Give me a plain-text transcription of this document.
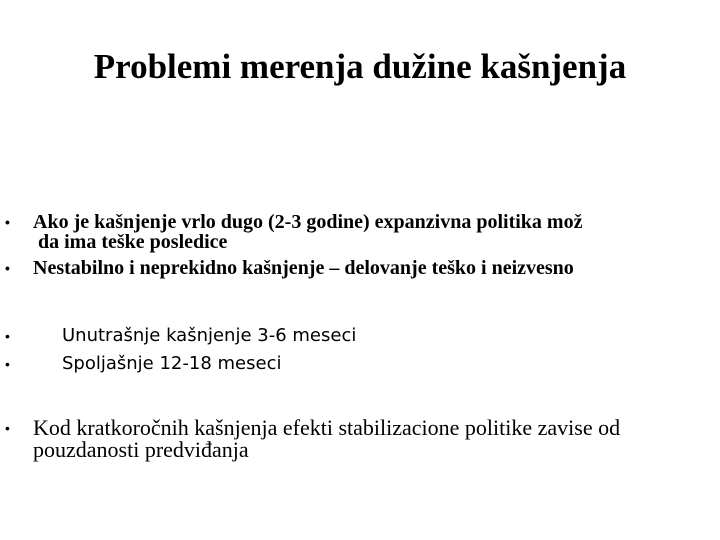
Problemi merenja dužine kašnjenja
•	Ako je kašnjenje vrlo dugo (2-3 godine) expanzivna politika mož
da ima teške posledice
•	Nestabilno i neprekidno kašnjenje – delovanje teško i neizvesno
•	Unutrašnje kašnjenje 3-6 meseci
•	Spoljašnje 12-18 meseci
•	Kod kratkoročnih kašnjenja efekti stabilizacione politike zavise od pouzdanosti predviđanja
